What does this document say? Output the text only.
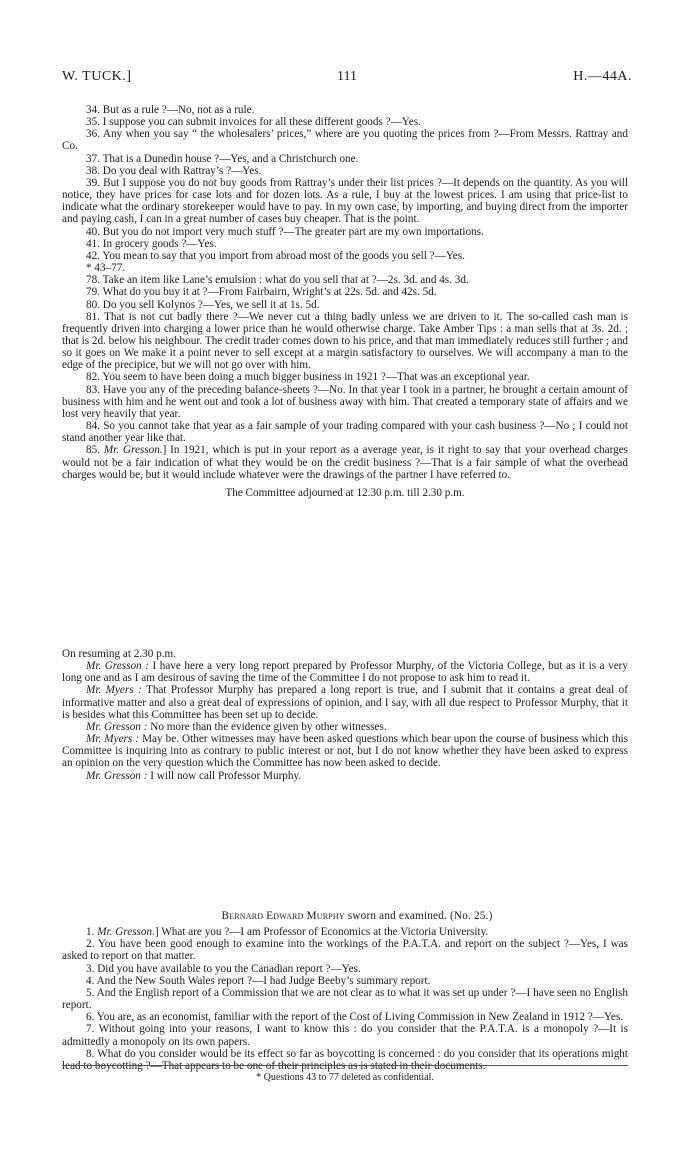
W. TUCK.]	111	H.—44A.

34. But as a rule ?—No, not as a rule.

35. I suppose you can submit invoices for all these different goods ?—Yes.

36. Any when you say “ the wholesalers’ prices,” where are you quoting the prices from ?—From Messrs. Rattray and Co.

37. That is a Dunedin house ?—Yes, and a Christchurch one.

38. Do you deal with Rattray’s ?—Yes.

39. But I suppose you do not buy goods from Rattray’s under their list prices ?—It depends on the quantity. As you will notice, they have prices for case lots and for dozen lots. As a rule, I buy at the lowest prices. I am using that price-list to indicate what the ordinary storekeeper would have to pay. In my own case, by importing, and buying direct from the importer and paying cash, I can in a great number of cases buy cheaper. That is the point.

40. But you do not import very much stuff ?—The greater part are my own importations.

41. In grocery goods ?—Yes.

42. You mean to say that you import from abroad most of the goods you sell ?—Yes.

* 43–77.

78. Take an item like Lane’s emulsion : what do you sell that at ?—2s. 3d. and 4s. 3d.

79. What do you buy it at ?—From Fairbairn, Wright’s at 22s. 5d. and 42s. 5d.

80. Do you sell Kolynos ?—Yes, we sell it at 1s. 5d.

81. That is not cut badly there ?—We never cut a thing badly unless we are driven to it. The so-called cash man is frequently driven into charging a lower price than he would otherwise charge. Take Amber Tips : a man sells that at 3s. 2d. ; that is 2d. below his neighbour. The credit trader comes down to his price, and that man immediately reduces still further ; and so it goes on We make it a point never to sell except at a margin satisfactory to ourselves. We will accompany a man to the edge of the precipice, but we will not go over with him.

82. You seem to have been doing a much bigger business in 1921 ?—That was an exceptional year.

83. Have you any of the preceding balance-sheets ?—No. In that year I took in a partner, he brought a certain amount of business with him and he went out and took a lot of business away with him. That created a temporary state of affairs and we lost very heavily that year.

84. So you cannot take that year as a fair sample of your trading compared with your cash business ?—No ; I could not stand another year like that.

85. Mr. Gresson.] In 1921, which is put in your report as a average year, is it right to say that your overhead charges would not be a fair indication of what they would be on the credit business ?—That is a fair sample of what the overhead charges would be, but it would include whatever were the drawings of the partner I have referred to.

The Committee adjourned at 12.30 p.m. till 2.30 p.m.

On resuming at 2.30 p.m.

Mr. Gresson : I have here a very long report prepared by Professor Murphy, of the Victoria College, but as it is a very long one and as I am desirous of saving the time of the Committee I do not propose to ask him to read it.

Mr. Myers : That Professor Murphy has prepared a long report is true, and I submit that it contains a great deal of informative matter and also a great deal of expressions of opinion, and I say, with all due respect to Professor Murphy, that it is besides what this Committee has been set up to decide.

Mr. Gresson : No more than the evidence given by other witnesses.

Mr. Myers : May be. Other witnesses may have been asked questions which bear upon the course of business which this Committee is inquiring into as contrary to public interest or not, but I do not know whether they have been asked to express an opinion on the very question which the Committee has now been asked to decide.

Mr. Gresson : I will now call Professor Murphy.

Bernard Edward Murphy sworn and examined. (No. 25.)

1. Mr. Gresson.] What are you ?—I am Professor of Economics at the Victoria University.

2. You have been good enough to examine into the workings of the P.A.T.A. and report on the subject ?—Yes, I was asked to report on that matter.

3. Did you have available to you the Canadian report ?—Yes.

4. And the New South Wales report ?—I had Judge Beeby’s summary report.

5. And the English report of a Commission that we are not clear as to what it was set up under ?—I have seen no English report.

6. You are, as an economist, familiar with the report of the Cost of Living Commission in New Zealand in 1912 ?—Yes.

7. Without going into your reasons, I want to know this : do you consider that the P.A.T.A. is a monopoly ?—It is admittedly a monopoly on its own papers.

8. What do you consider would be its effect so far as boycotting is concerned : do you consider that its operations might lead to boycotting ?—That appears to be one of their principles as is stated in their documents.

* Questions 43 to 77 deleted as confidential.
